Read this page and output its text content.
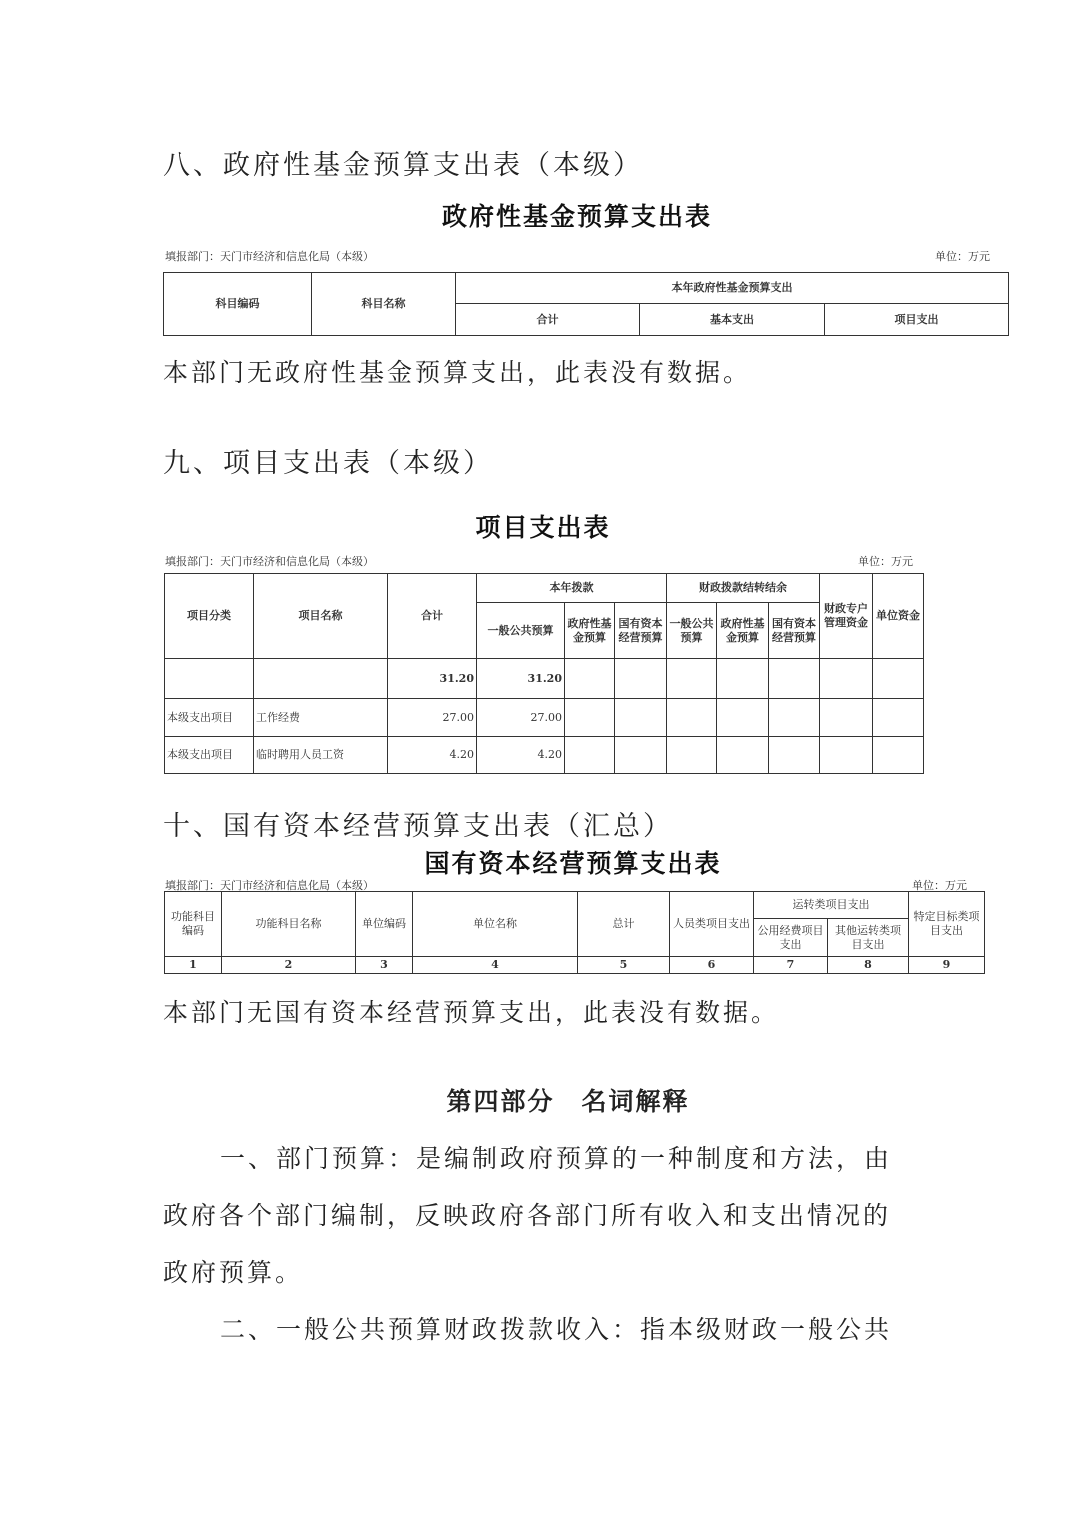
八、政府性基金预算支出表（本级）
政府性基金预算支出表
填报部门：天门市经济和信息化局（本级）	单位：万元
科目编码	科目名称	本年政府性基金预算支出		
		合计	基本支出	项目支出
本部门无政府性基金预算支出，此表没有数据。
九、项目支出表（本级）
项目支出表
填报部门：天门市经济和信息化局（本级）	单位：万元
项目分类	项目名称	合计	本年拨款			财政拨款结转结余			财政专户管理资金	单位资金
			一般公共预算	政府性基金预算	国有资本经营预算	一般公共预算	政府性基金预算	国有资本经营预算		
		31.20	31.20							
本级支出项目	工作经费	27.00	27.00							
本级支出项目	临时聘用人员工资	4.20	4.20							
十、国有资本经营预算支出表（汇总）
国有资本经营预算支出表
填报部门：天门市经济和信息化局（本级）	单位：万元
功能科目编码	功能科目名称	单位编码	单位名称	总计	人员类项目支出	运转类项目支出		特定目标类项目支出
						公用经费项目支出	其他运转类项目支出	
1	2	3	4	5	6	7	8	9
本部门无国有资本经营预算支出，此表没有数据。
第四部分　名词解释
一、部门预算：是编制政府预算的一种制度和方法，由
政府各个部门编制，反映政府各部门所有收入和支出情况的
政府预算。
二、一般公共预算财政拨款收入：指本级财政一般公共
